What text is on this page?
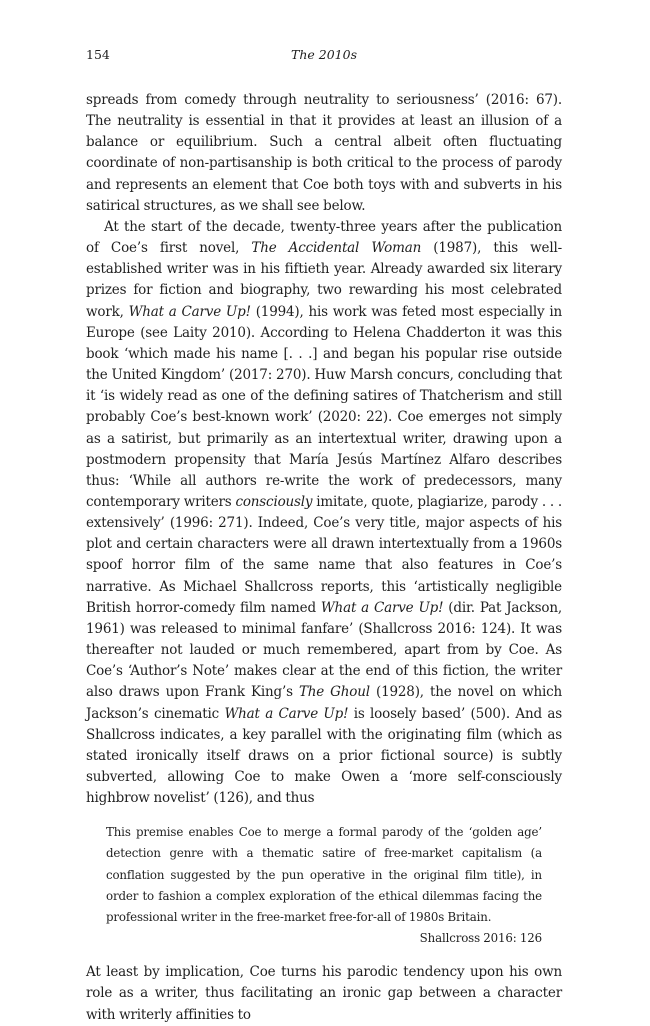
154	The 2010s

spreads from comedy through neutrality to seriousness’ (2016: 67). The neutrality is essential in that it provides at least an illusion of a balance or equilibrium. Such a central albeit often fluctuating coordinate of non-partisanship is both critical to the process of parody and represents an element that Coe both toys with and subverts in his satirical structures, as we shall see below.

At the start of the decade, twenty-three years after the publication of Coe’s first novel, The Accidental Woman (1987), this well-established writer was in his fiftieth year. Already awarded six literary prizes for fiction and biography, two rewarding his most celebrated work, What a Carve Up! (1994), his work was feted most especially in Europe (see Laity 2010). According to Helena Chadderton it was this book ‘which made his name [. . .] and began his popular rise outside the United Kingdom’ (2017: 270). Huw Marsh concurs, concluding that it ‘is widely read as one of the defining satires of Thatcherism and still probably Coe’s best-known work’ (2020: 22). Coe emerges not simply as a satirist, but primarily as an intertextual writer, drawing upon a postmodern propensity that María Jesús Martínez Alfaro describes thus: ‘While all authors re-write the work of predecessors, many contemporary writers consciously imitate, quote, plagiarize, parody . . . extensively’ (1996: 271). Indeed, Coe’s very title, major aspects of his plot and certain characters were all drawn intertextually from a 1960s spoof horror film of the same name that also features in Coe’s narrative. As Michael Shallcross reports, this ‘artistically negligible British horror-comedy film named What a Carve Up! (dir. Pat Jackson, 1961) was released to minimal fanfare’ (Shallcross 2016: 124). It was thereafter not lauded or much remembered, apart from by Coe. As Coe’s ‘Author’s Note’ makes clear at the end of this fiction, the writer also draws upon Frank King’s The Ghoul (1928), the novel on which Jackson’s cinematic What a Carve Up! is loosely based’ (500). And as Shallcross indicates, a key parallel with the originating film (which as stated ironically itself draws on a prior fictional source) is subtly subverted, allowing Coe to make Owen a ‘more self-consciously highbrow novelist’ (126), and thus

This premise enables Coe to merge a formal parody of the ‘golden age’ detection genre with a thematic satire of free-market capitalism (a conflation suggested by the pun operative in the original film title), in order to fashion a complex exploration of the ethical dilemmas facing the professional writer in the free-market free-for-all of 1980s Britain.
Shallcross 2016: 126

At least by implication, Coe turns his parodic tendency upon his own role as a writer, thus facilitating an ironic gap between a character with writerly affinities to
